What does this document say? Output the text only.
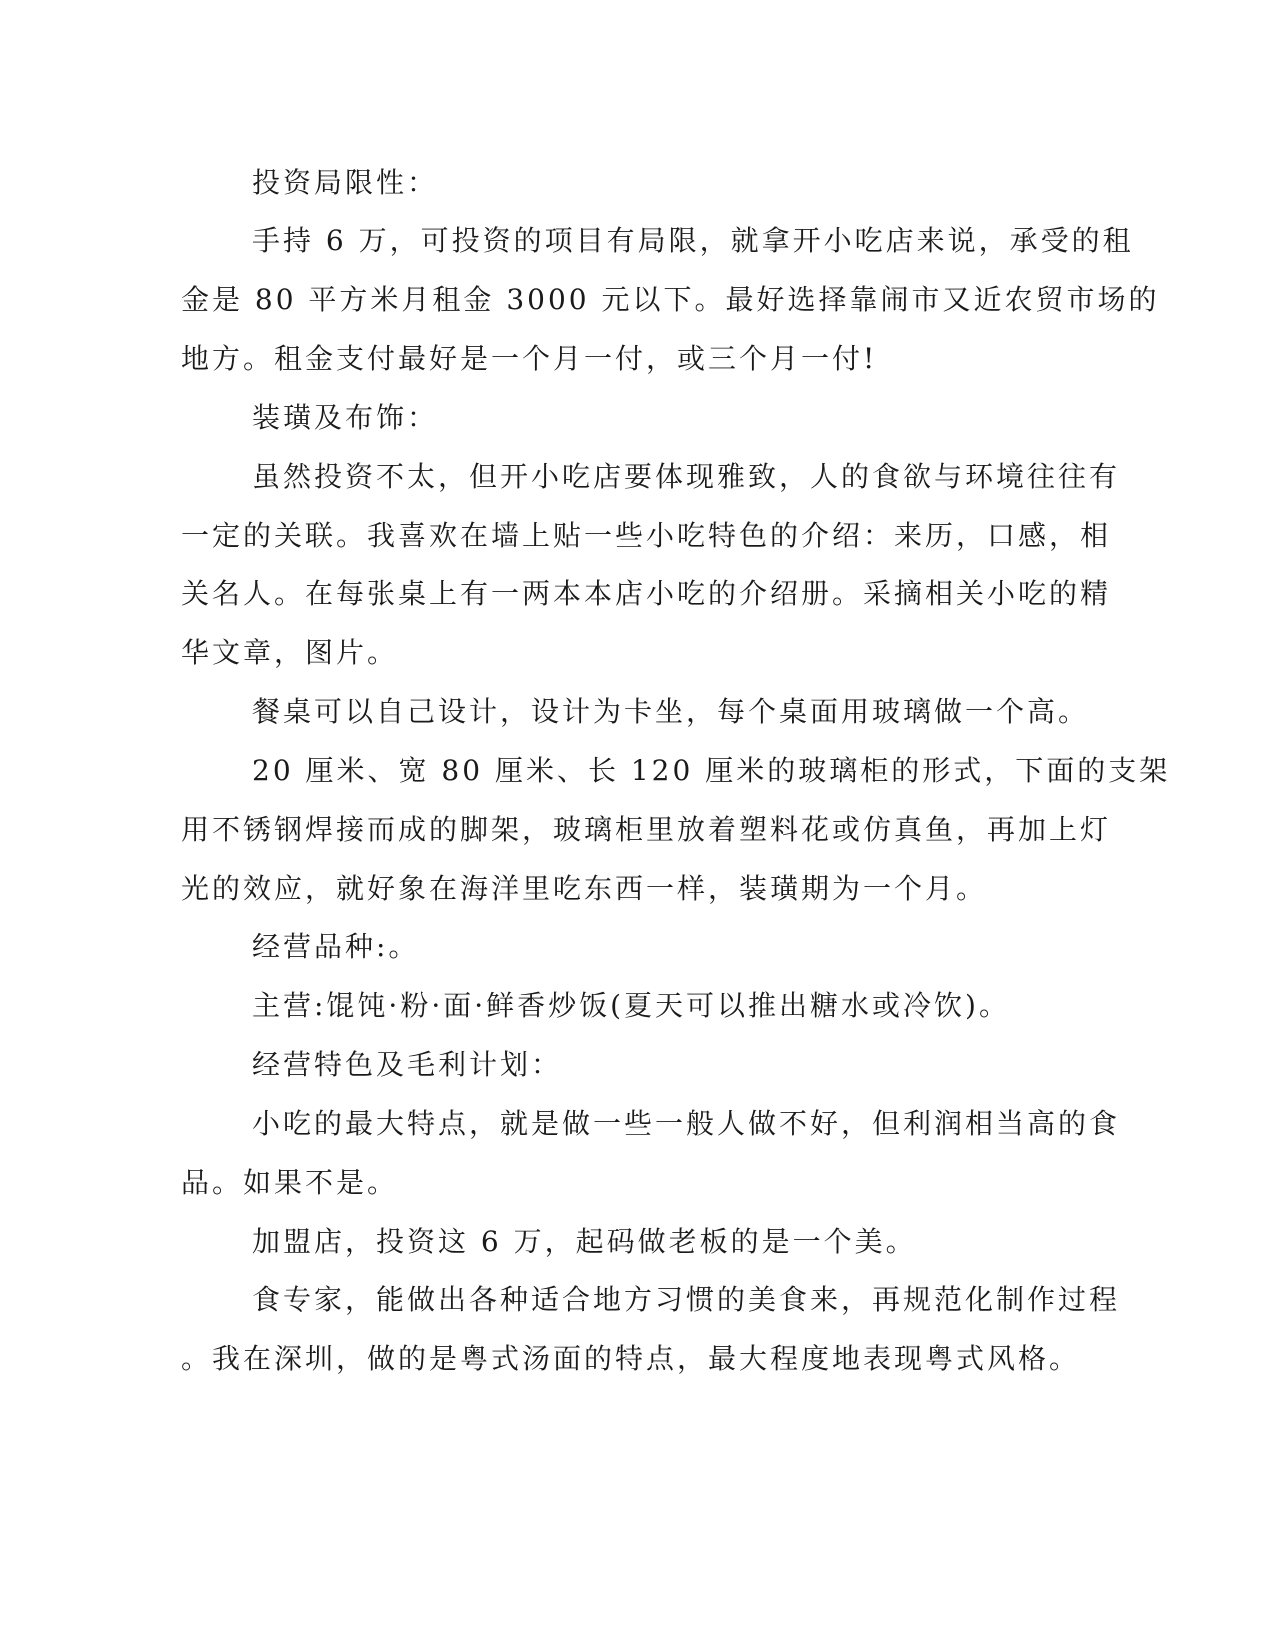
投资局限性：
手持 6 万，可投资的项目有局限，就拿开小吃店来说，承受的租
金是 80 平方米月租金 3000 元以下。最好选择靠闹市又近农贸市场的
地方。租金支付最好是一个月一付，或三个月一付!
装璜及布饰：
虽然投资不太，但开小吃店要体现雅致，人的食欲与环境往往有
一定的关联。我喜欢在墙上贴一些小吃特色的介绍：来历，口感，相
关名人。在每张桌上有一两本本店小吃的介绍册。采摘相关小吃的精
华文章，图片。
餐桌可以自己设计，设计为卡坐，每个桌面用玻璃做一个高。
20 厘米、宽 80 厘米、长 120 厘米的玻璃柜的形式，下面的支架
用不锈钢焊接而成的脚架，玻璃柜里放着塑料花或仿真鱼，再加上灯
光的效应，就好象在海洋里吃东西一样，装璜期为一个月。
经营品种:。
主营:馄饨·粉·面·鲜香炒饭(夏天可以推出糖水或冷饮)。
经营特色及毛利计划：
小吃的最大特点，就是做一些一般人做不好，但利润相当高的食
品。如果不是。
加盟店，投资这 6 万，起码做老板的是一个美。
食专家，能做出各种适合地方习惯的美食来，再规范化制作过程
。我在深圳，做的是粤式汤面的特点，最大程度地表现粤式风格。
